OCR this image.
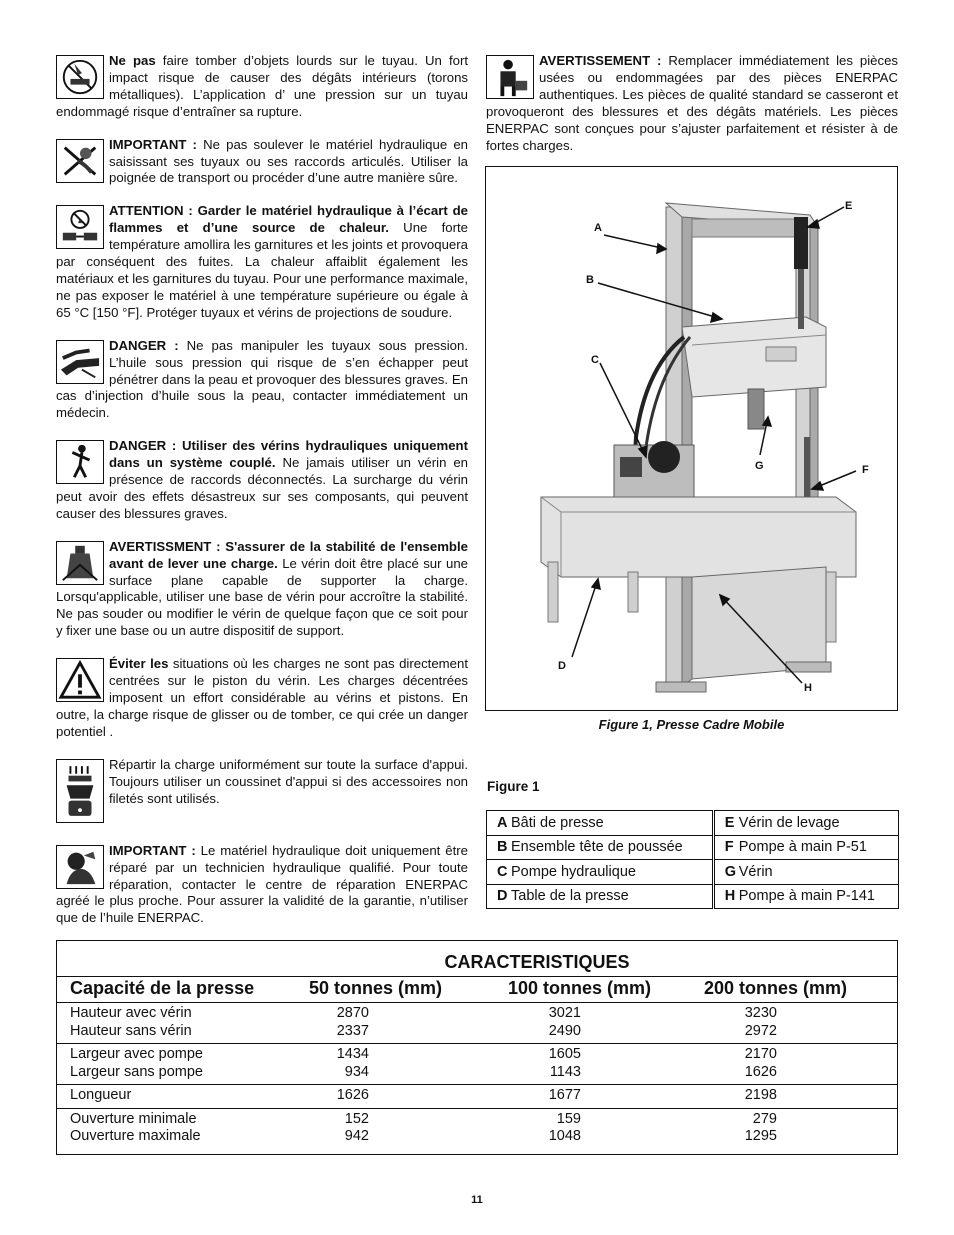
Ne pas faire tomber d’objets lourds sur le tuyau. Un fort impact risque de causer des dégâts intérieurs (torons métalliques). L’application d’ une pression sur un tuyau endommagé risque d’entraîner sa rupture.
IMPORTANT : Ne pas soulever le matériel hydraulique en saisissant ses tuyaux ou ses raccords articulés. Utiliser la poignée de transport ou procéder d’une autre manière sûre.
ATTENTION : Garder le matériel hydraulique à l’écart de flammes et d’une source de chaleur. Une forte température amollira les garnitures et les joints et provoquera par conséquent des fuites. La chaleur affaiblit également les matériaux et les garnitures du tuyau. Pour une performance maximale, ne pas exposer le matériel à une température supérieure ou égale à 65 °C [150 °F]. Protéger tuyaux et vérins de projections de soudure.
DANGER : Ne pas manipuler les tuyaux sous pression. L’huile sous pression qui risque de s’en échapper peut pénétrer dans la peau et provoquer des blessures graves. En cas d’injection d’huile sous la peau, contacter immédiatement un médecin.
DANGER : Utiliser des vérins hydrauliques uniquement dans un système couplé. Ne jamais utiliser un vérin en présence de raccords déconnectés. La surcharge du vérin peut avoir des effets désastreux sur ses composants, qui peuvent causer des blessures graves.
AVERTISSMENT : S'assurer de la stabilité de l'ensemble avant de lever une charge. Le vérin doit être placé sur une surface plane capable de supporter la charge. Lorsqu'applicable, utiliser une base de vérin pour accroître la stabilité. Ne pas souder ou modifier le vérin de quelque façon que ce soit pour y fixer une base ou un autre dispositif de support.
Éviter les situations où les charges ne sont pas directement centrées sur le piston du vérin. Les charges décentrées imposent un effort considérable au vérins et pistons. En outre, la charge risque de glisser ou de tomber, ce qui crée un danger potentiel .
Répartir la charge uniformément sur toute la surface d'appui. Toujours utiliser un coussinet d'appui si des accessoires non filetés sont utilisés.
IMPORTANT : Le matériel hydraulique doit uniquement être réparé par un technicien hydraulique qualifié. Pour toute réparation, contacter le centre de réparation ENERPAC agréé le plus proche. Pour assurer la validité de la garantie, n’utiliser que de l’huile ENERPAC.
AVERTISSEMENT : Remplacer immédiatement les pièces usées ou endommagées par des pièces ENERPAC authentiques. Les pièces de qualité standard se casseront et provoqueront des blessures et des dégâts matériels. Les pièces ENERPAC sont conçues pour s’ajuster parfaitement et résister à de fortes charges.
A
B
C
D
E
F
G
H
Figure 1, Presse Cadre Mobile
Figure 1
A	Bâti de presse	E	Vérin de levage
B	Ensemble tête de poussée	F	Pompe à main P-51
C	Pompe hydraulique	G	Vérin
D	Table de la presse	H	Pompe à main P-141
CARACTERISTIQUES
Capacité de la presse	50 tonnes (mm)	100 tonnes (mm)	200 tonnes (mm)
Hauteur avec vérin	2870	3021	3230
Hauteur sans vérin	2337	2490	2972
Largeur avec pompe	1434	1605	2170
Largeur sans pompe	934	1143	1626
Longueur	1626	1677	2198
Ouverture minimale	152	159	279
Ouverture maximale	942	1048	1295
11
